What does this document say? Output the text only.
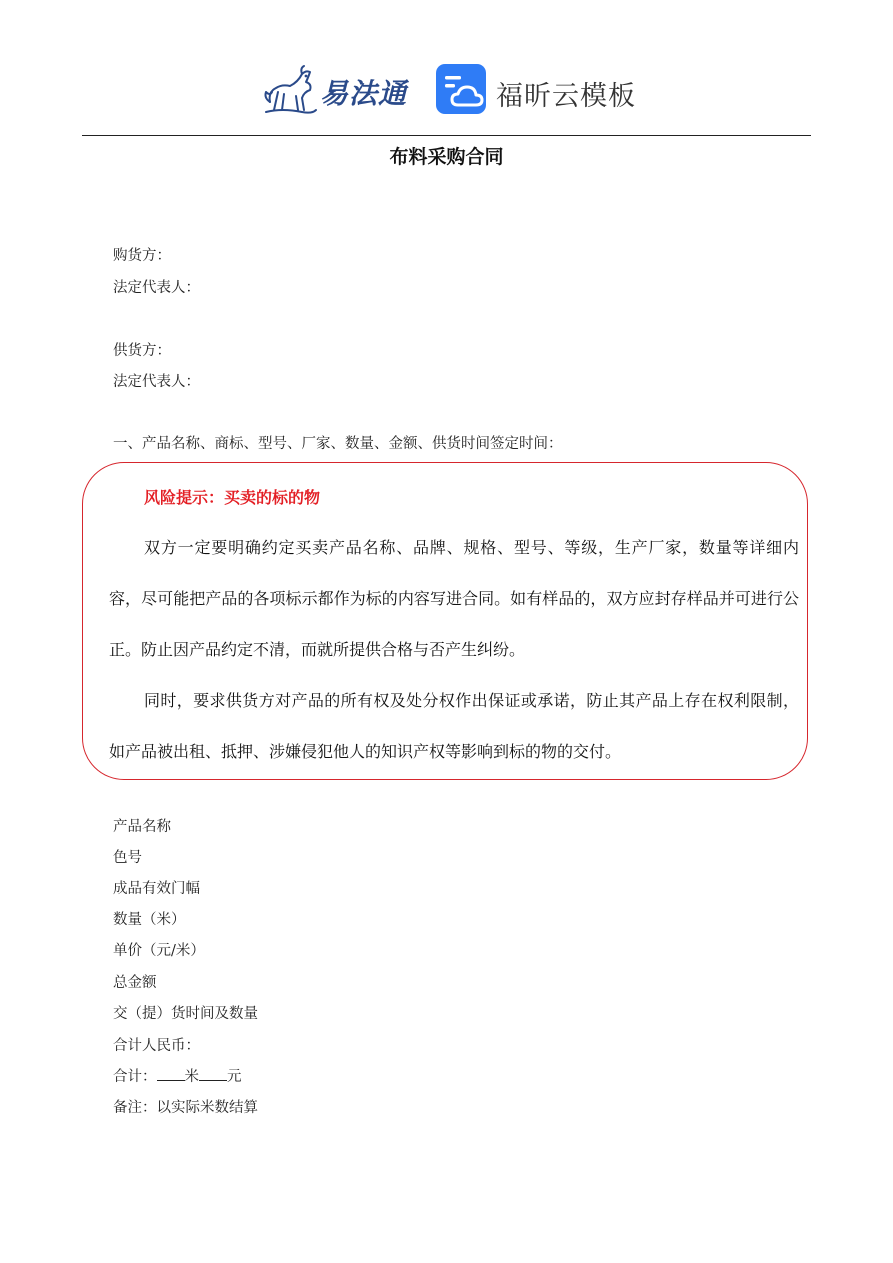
易法通	福昕云模板
布料采购合同
购货方：
法定代表人：
供货方：
法定代表人：
一、产品名称、商标、型号、厂家、数量、金额、供货时间签定时间：
风险提示：买卖的标的物
双方一定要明确约定买卖产品名称、品牌、规格、型号、等级，生产厂家，数量等详细内容，尽可能把产品的各项标示都作为标的内容写进合同。如有样品的，双方应封存样品并可进行公正。防止因产品约定不清，而就所提供合格与否产生纠纷。
同时，要求供货方对产品的所有权及处分权作出保证或承诺，防止其产品上存在权利限制，如产品被出租、抵押、涉嫌侵犯他人的知识产权等影响到标的物的交付。
产品名称
色号
成品有效门幅
数量（米）
单价（元/米）
总金额
交（提）货时间及数量
合计人民币：
合计： 米 元
备注：以实际米数结算
